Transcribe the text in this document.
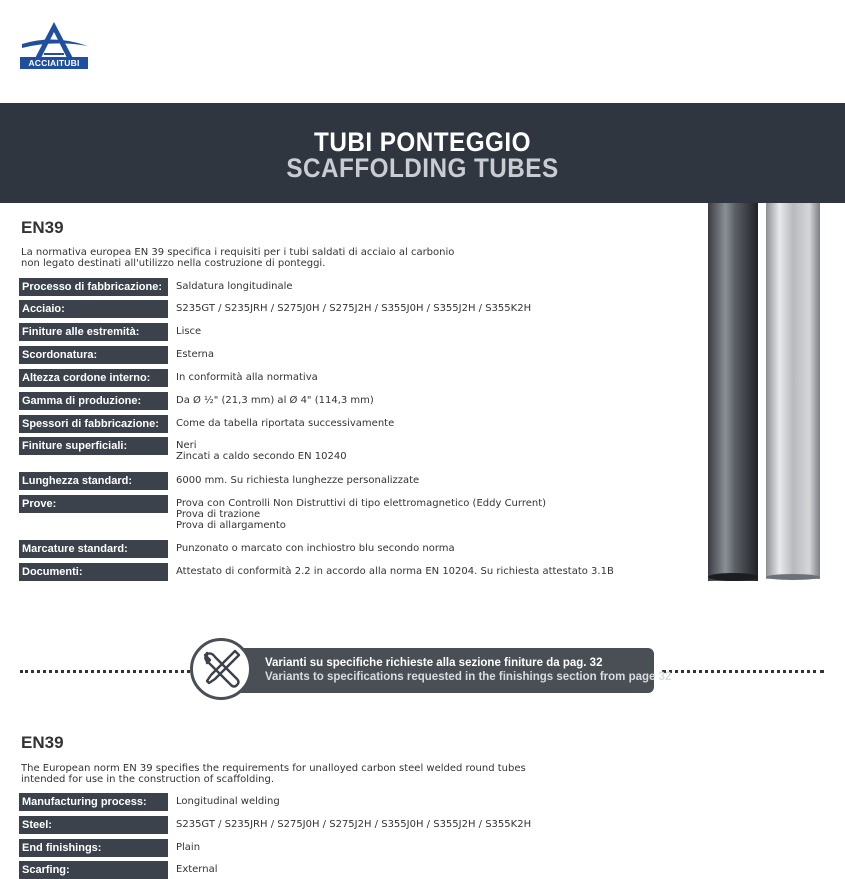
ACCIAITUBI
TUBI PONTEGGIO
SCAFFOLDING TUBES
EN39
La normativa europea EN 39 specifica i requisiti per i tubi saldati di acciaio al carbonio
non legato destinati all'utilizzo nella costruzione di ponteggi.
Processo di fabbricazione:	Saldatura longitudinale
Acciaio:	S235GT / S235JRH / S275J0H / S275J2H / S355J0H / S355J2H / S355K2H
Finiture alle estremità:	Lisce
Scordonatura:	Esterna
Altezza cordone interno:	In conformità alla normativa
Gamma di produzione:	Da Ø ½" (21,3 mm) al Ø 4" (114,3 mm)
Spessori di fabbricazione:	Come da tabella riportata successivamente
Finiture superficiali:	Neri
Zincati a caldo secondo EN 10240
Lunghezza standard:	6000 mm. Su richiesta lunghezze personalizzate
Prove:	Prova con Controlli Non Distruttivi di tipo elettromagnetico (Eddy Current)
Prova di trazione
Prova di allargamento
Marcature standard:	Punzonato o marcato con inchiostro blu secondo norma
Documenti:	Attestato di conformità 2.2 in accordo alla norma EN 10204. Su richiesta attestato 3.1B
Varianti su specifiche richieste alla sezione finiture da pag. 32
Variants to specifications requested in the finishings section from page 32
EN39
The European norm EN 39 specifies the requirements for unalloyed carbon steel welded round tubes
intended for use in the construction of scaffolding.
Manufacturing process:	Longitudinal welding
Steel:	S235GT / S235JRH / S275J0H / S275J2H / S355J0H / S355J2H / S355K2H
End finishings:	Plain
Scarfing:	External
